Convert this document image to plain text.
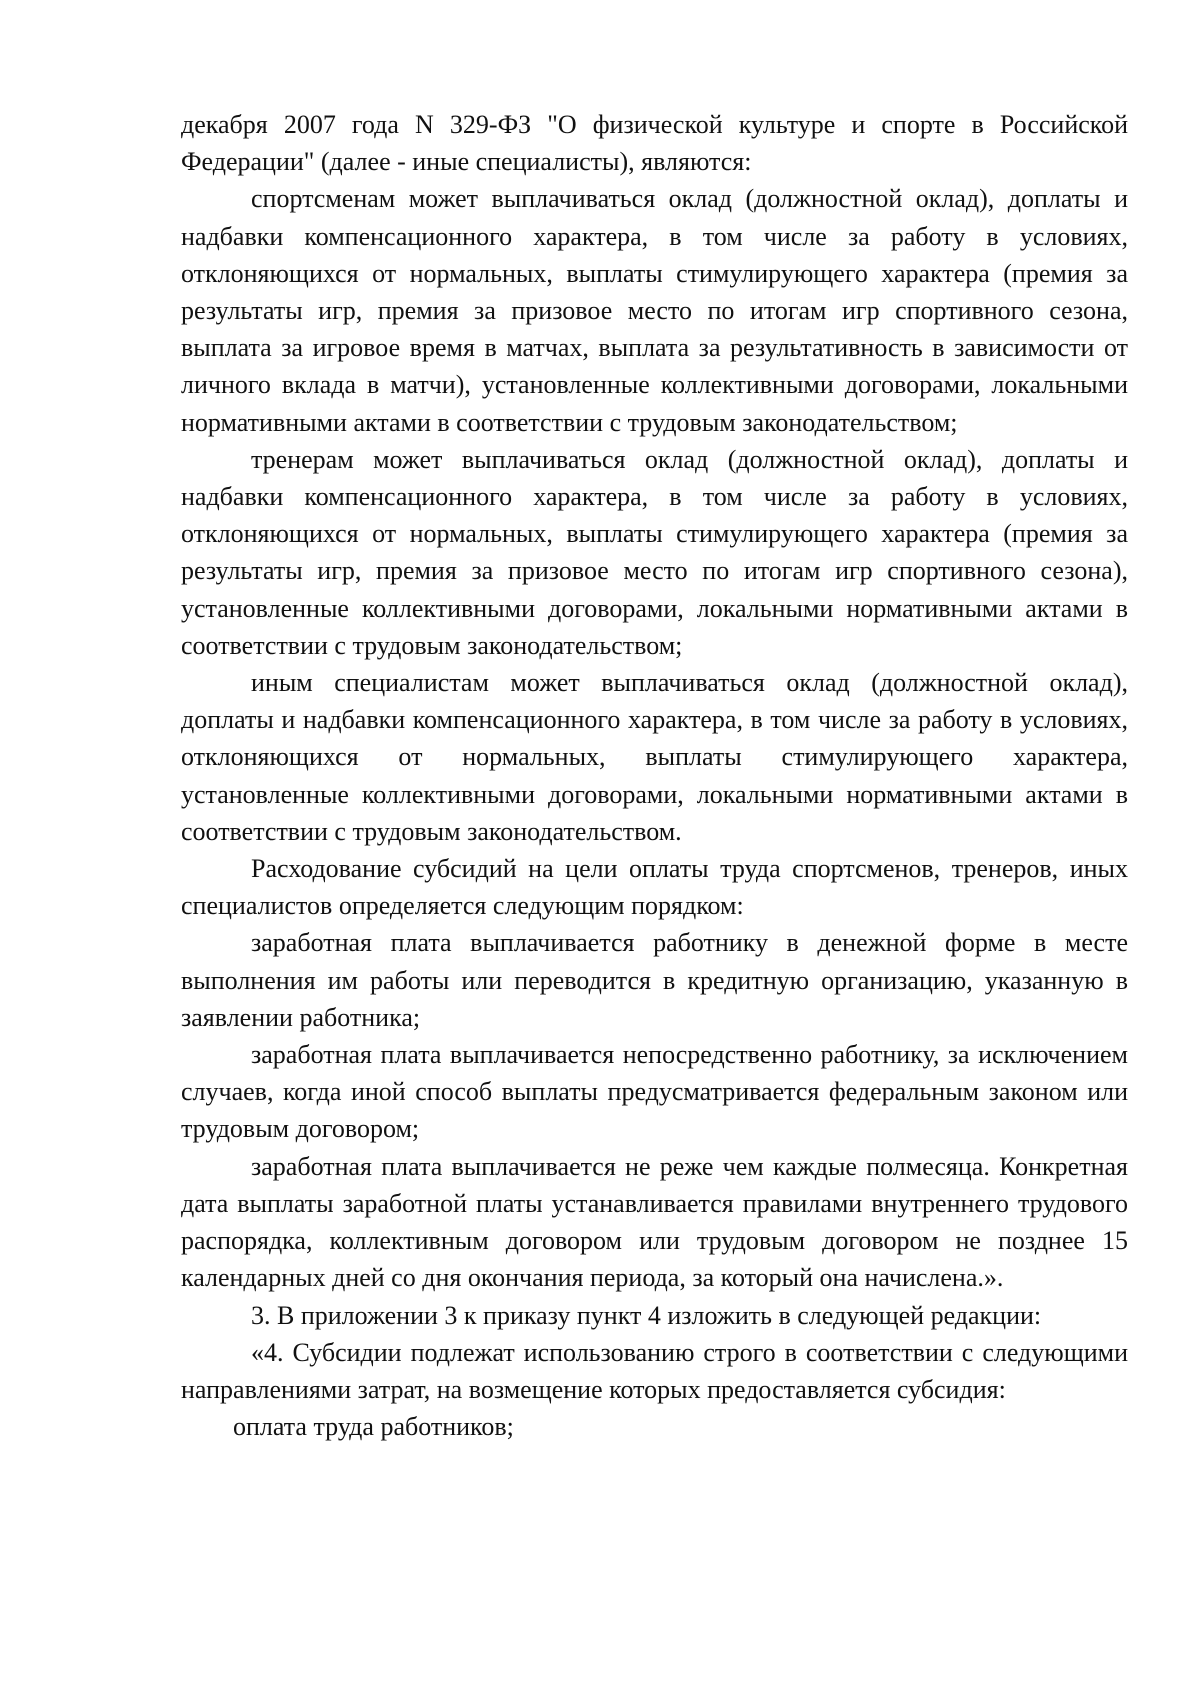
декабря 2007 года N 329-ФЗ "О физической культуре и спорте в Российской Федерации" (далее - иные специалисты), являются:

спортсменам может выплачиваться оклад (должностной оклад), доплаты и надбавки компенсационного характера, в том числе за работу в условиях, отклоняющихся от нормальных, выплаты стимулирующего характера (премия за результаты игр, премия за призовое место по итогам игр спортивного сезона, выплата за игровое время в матчах, выплата за результативность в зависимости от личного вклада в матчи), установленные коллективными договорами, локальными нормативными актами в соответствии с трудовым законодательством;

тренерам может выплачиваться оклад (должностной оклад), доплаты и надбавки компенсационного характера, в том числе за работу в условиях, отклоняющихся от нормальных, выплаты стимулирующего характера (премия за результаты игр, премия за призовое место по итогам игр спортивного сезона), установленные коллективными договорами, локальными нормативными актами в соответствии с трудовым законодательством;

иным специалистам может выплачиваться оклад (должностной оклад), доплаты и надбавки компенсационного характера, в том числе за работу в условиях, отклоняющихся от нормальных, выплаты стимулирующего характера, установленные коллективными договорами, локальными нормативными актами в соответствии с трудовым законодательством.

Расходование субсидий на цели оплаты труда спортсменов, тренеров, иных специалистов определяется следующим порядком:

заработная плата выплачивается работнику в денежной форме в месте выполнения им работы или переводится в кредитную организацию, указанную в заявлении работника;

заработная плата выплачивается непосредственно работнику, за исключением случаев, когда иной способ выплаты предусматривается федеральным законом или трудовым договором;

заработная плата выплачивается не реже чем каждые полмесяца. Конкретная дата выплаты заработной платы устанавливается правилами внутреннего трудового распорядка, коллективным договором или трудовым договором не позднее 15 календарных дней со дня окончания периода, за который она начислена.».

3. В приложении 3 к приказу пункт 4 изложить в следующей редакции:

«4. Субсидии подлежат использованию строго в соответствии с следующими направлениями затрат, на возмещение которых предоставляется субсидия:

оплата труда работников;
